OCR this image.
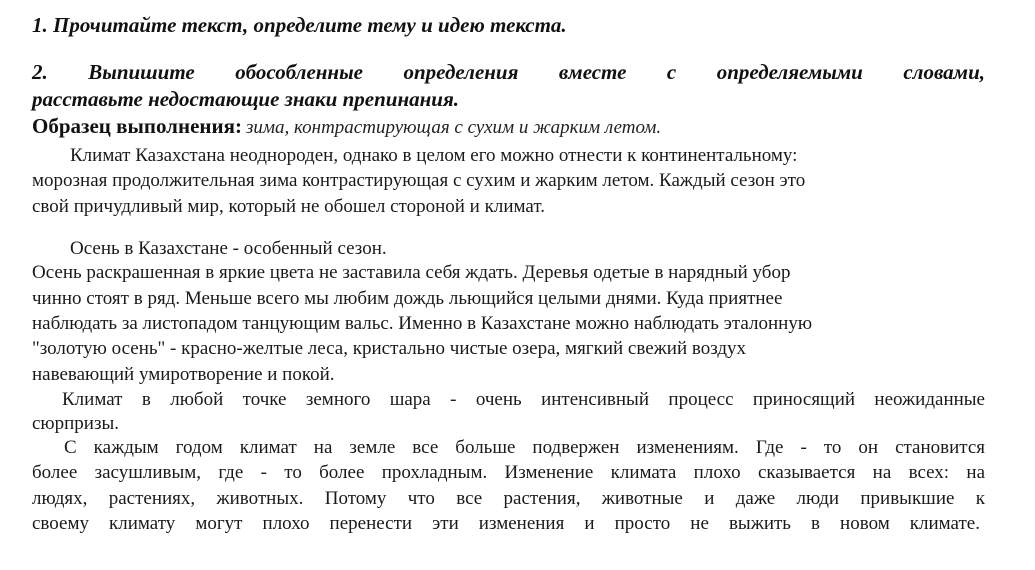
1. Прочитайте текст, определите тему и идею текста.

2. Выпишите обособленные определения вместе с определяемыми словами,

расставьте недостающие знаки препинания.

Образец выполнения: зима, контрастирующая с сухим и жарким летом.

Климат Казахстана неоднороден, однако в целом его можно отнести к континентальному:

морозная продолжительная зима контрастирующая с сухим и жарким летом. Каждый сезон это

свой причудливый мир, который не обошел стороной и климат.

Осень в Казахстане - особенный сезон.

Осень раскрашенная в яркие цвета не заставила себя ждать. Деревья одетые в нарядный убор

чинно стоят в ряд. Меньше всего мы любим дождь льющийся целыми днями. Куда приятнее

наблюдать за листопадом танцующим вальс. Именно в Казахстане можно наблюдать эталонную

"золотую осень" - красно-желтые леса, кристально чистые озера, мягкий свежий воздух

навевающий умиротворение и покой.

Климат в любой точке земного шара - очень интенсивный процесс приносящий неожиданные

сюрпризы.

С каждым годом климат на земле все больше подвержен изменениям. Где - то он становится

более засушливым, где - то более прохладным. Изменение климата плохо сказывается на всех: на

людях, растениях, животных. Потому что все растения, животные и даже люди привыкшие к

своему климату могут плохо перенести эти изменения и просто не выжить в новом климате.
